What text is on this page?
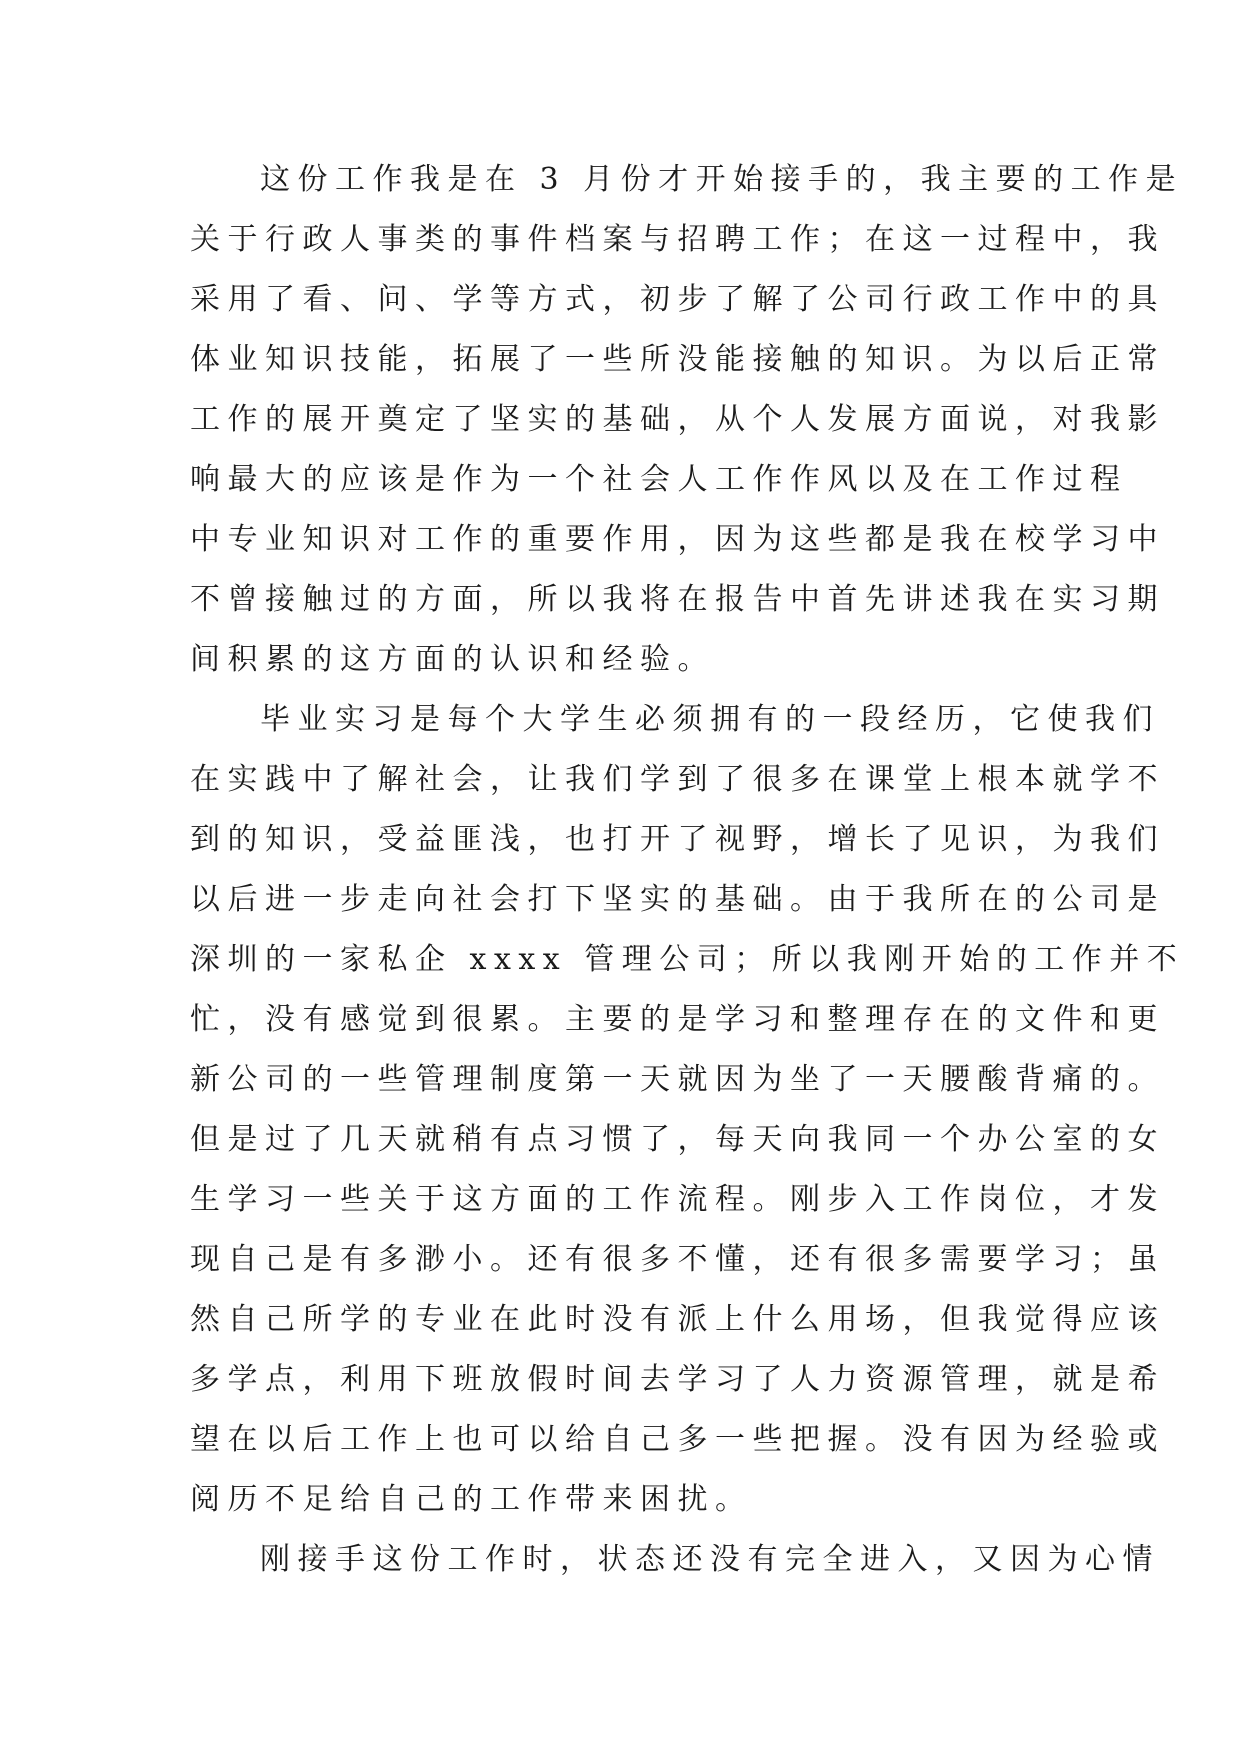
这份工作我是在 3 月份才开始接手的，我主要的工作是
关于行政人事类的事件档案与招聘工作；在这一过程中，我
采用了看、问、学等方式，初步了解了公司行政工作中的具
体业知识技能，拓展了一些所没能接触的知识。为以后正常
工作的展开奠定了坚实的基础，从个人发展方面说，对我影
响最大的应该是作为一个社会人工作作风以及在工作过程
中专业知识对工作的重要作用，因为这些都是我在校学习中
不曾接触过的方面，所以我将在报告中首先讲述我在实习期
间积累的这方面的认识和经验。
毕业实习是每个大学生必须拥有的一段经历，它使我们
在实践中了解社会，让我们学到了很多在课堂上根本就学不
到的知识，受益匪浅，也打开了视野，增长了见识，为我们
以后进一步走向社会打下坚实的基础。由于我所在的公司是
深圳的一家私企 xxxx 管理公司；所以我刚开始的工作并不
忙，没有感觉到很累。主要的是学习和整理存在的文件和更
新公司的一些管理制度第一天就因为坐了一天腰酸背痛的。
但是过了几天就稍有点习惯了，每天向我同一个办公室的女
生学习一些关于这方面的工作流程。刚步入工作岗位，才发
现自己是有多渺小。还有很多不懂，还有很多需要学习；虽
然自己所学的专业在此时没有派上什么用场，但我觉得应该
多学点，利用下班放假时间去学习了人力资源管理，就是希
望在以后工作上也可以给自己多一些把握。没有因为经验或
阅历不足给自己的工作带来困扰。
刚接手这份工作时，状态还没有完全进入，又因为心情
